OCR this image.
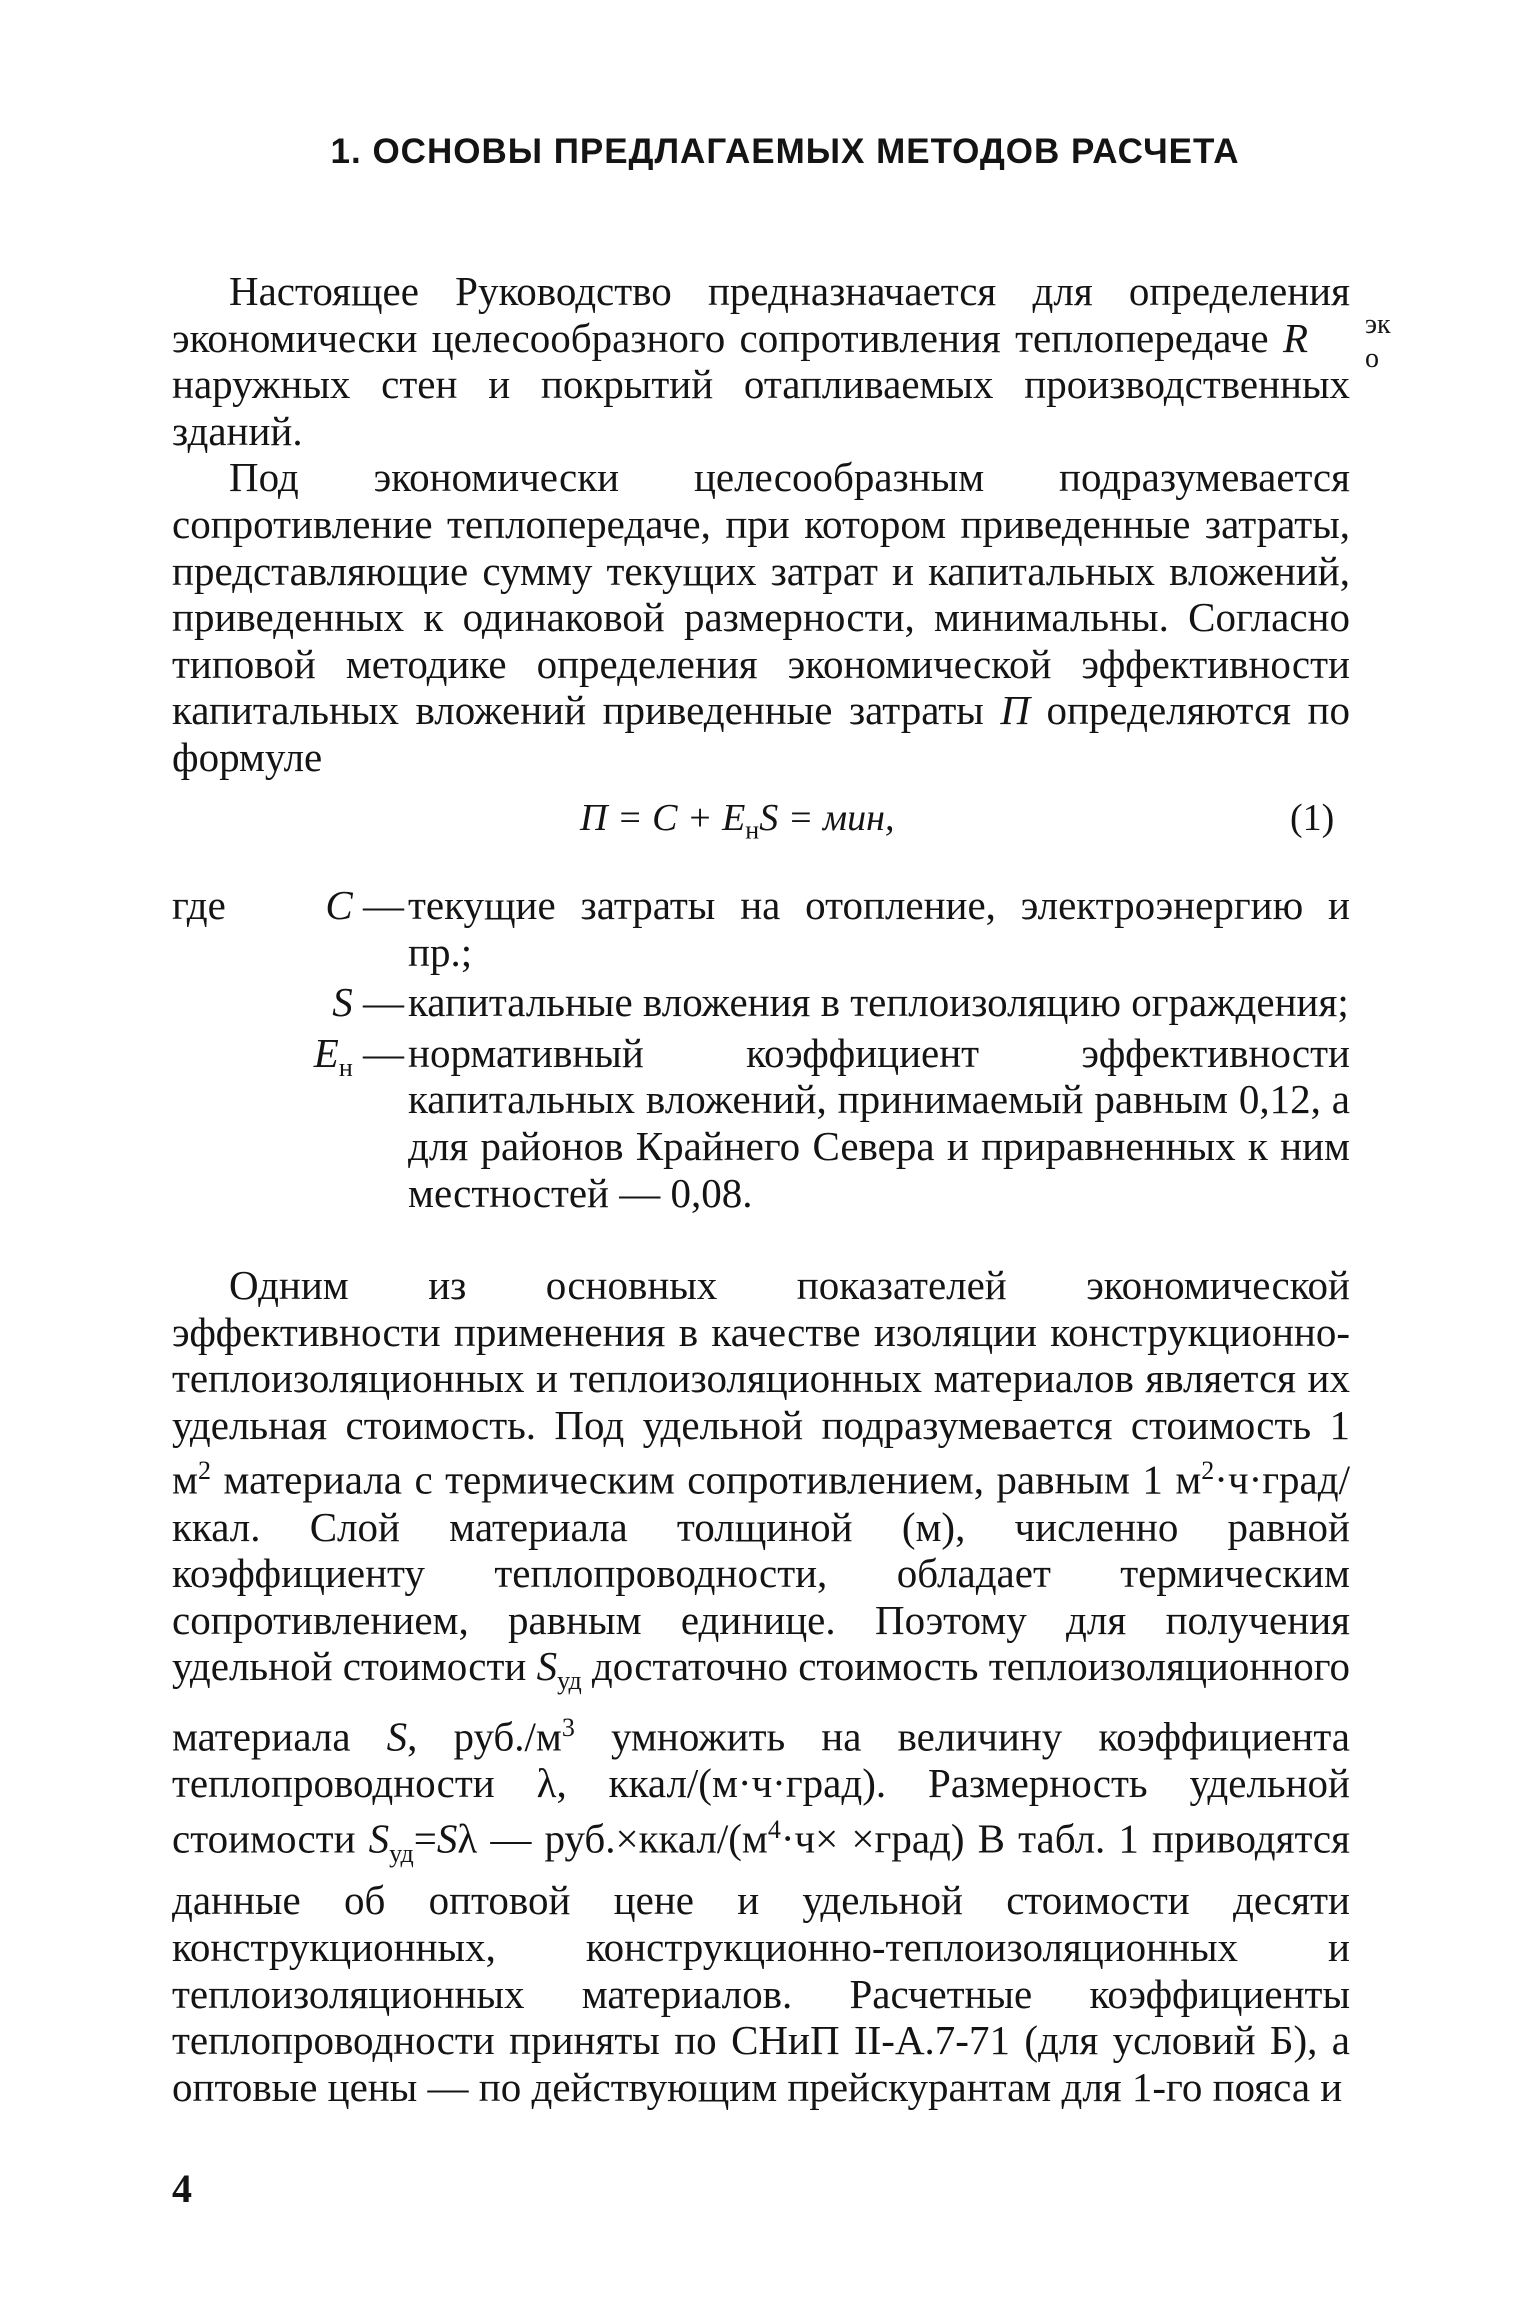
1. ОСНОВЫ ПРЕДЛАГАЕМЫХ МЕТОДОВ РАСЧЕТА

Настоящее Руководство предназначается для определения экономически целесообразного сопротивления теплопередаче R	эк
о
наружных стен и покрытий отапливаемых производственных зданий.

Под экономически целесообразным подразумевается сопротивление теплопередаче, при котором приведенные затраты, представляющие сумму текущих затрат и капитальных вложений, приведенных к одинаковой размерности, минимальны. Согласно типовой методике определения экономической эффективности капитальных вложений приведенные затраты П определяются по формуле

$П = С + Е_нS$ = мин,	(1)
где С — текущие затраты на отопление, электроэнергию и пр.;
S — капитальные вложения в теплоизоляцию ограждения;
$E_н$ — нормативный коэффициент эффективности капитальных вложений, принимаемый равным 0,12, а для районов Крайнего Севера и приравненных к ним местностей — 0,08.

Одним из основных показателей экономической эффективности применения в качестве изоляции конструкционно-теплоизоляционных и теплоизоляционных материалов является их удельная стоимость. Под удельной подразумевается стоимость 1 $м^2$ материала с термическим сопротивлением, равным 1 $м^2\cdot ч\cdot град$/ккал. Слой материала толщиной (м), численно равной коэффициенту теплопроводности, обладает термическим сопротивлением, равным единице. Поэтому для получения удельной стоимости $S_{уд}$ достаточно стоимость теплоизоляционного материала S, $руб./м^3$ умножить на величину коэффициента теплопроводности λ, ккал/(м·ч·град). Размерность удельной стоимости $S_{уд}=S\lambda$ — $руб.\times ккал/(м^4\cdot ч\times$ ×град) В табл. 1 приводятся данные об оптовой цене и удельной стоимости десяти конструкционных, конструкционно-теплоизоляционных и теплоизоляционных материалов. Расчетные коэффициенты теплопроводности приняты по СНиП II-А.7-71 (для условий Б), а оптовые цены — по действующим прейскурантам для 1-го пояса и

4
